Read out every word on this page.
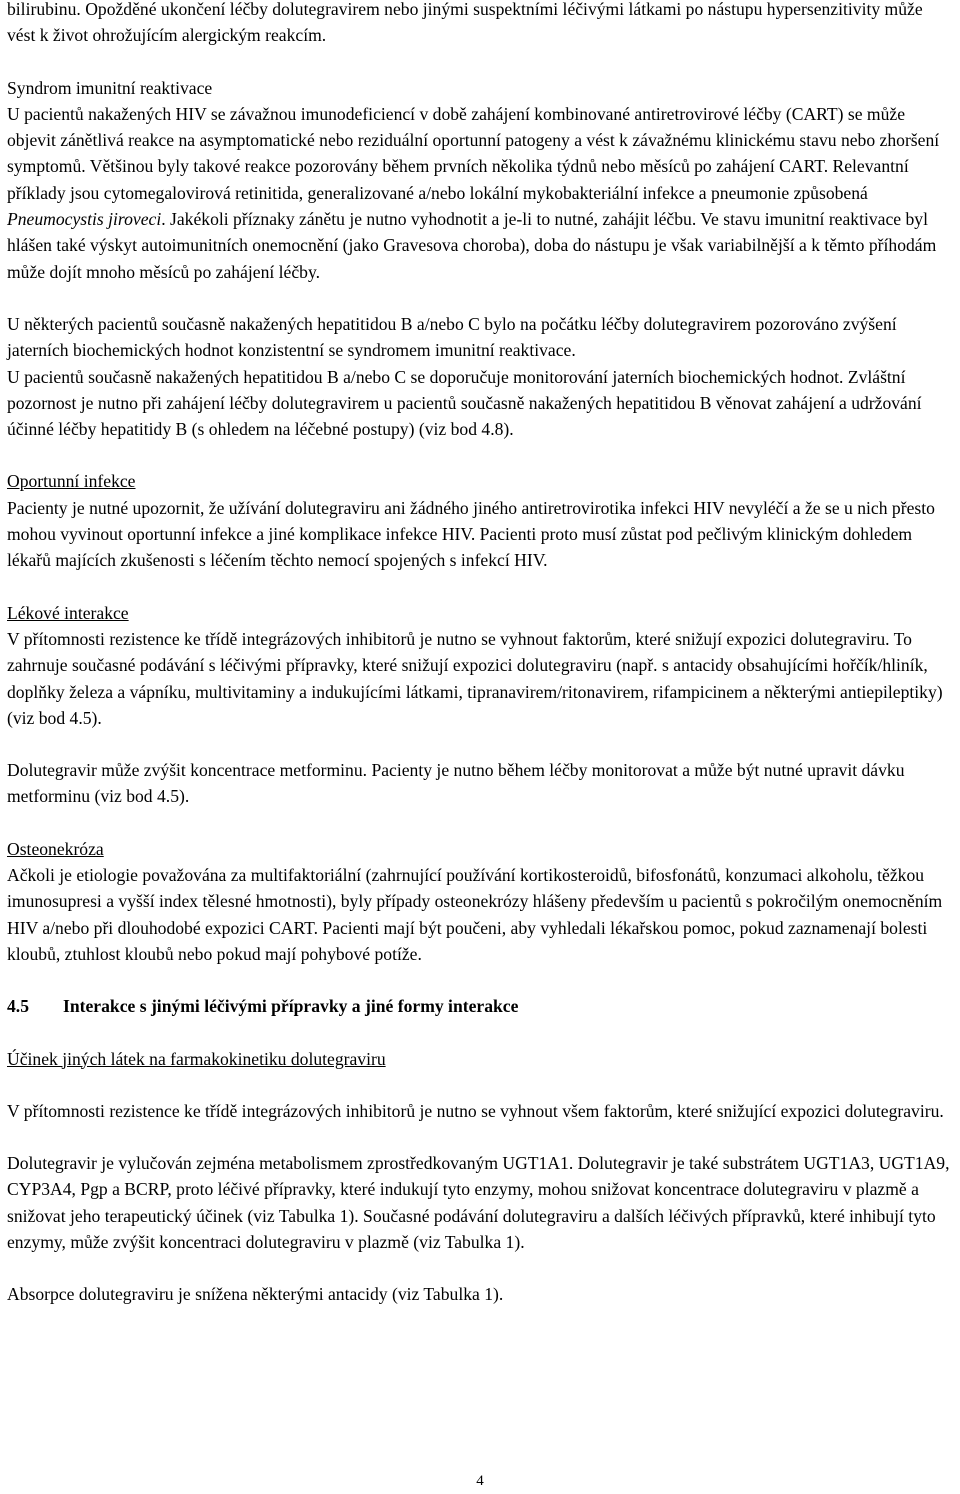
bilirubinu. Opožděné ukončení léčby dolutegravirem nebo jinými suspektními léčivými látkami po nástupu hypersenzitivity může vést k život ohrožujícím alergickým reakcím.

Syndrom imunitní reaktivace

U pacientů nakažených HIV se závažnou imunodeficiencí v době zahájení kombinované antiretrovirové léčby (CART) se může objevit zánětlivá reakce na asymptomatické nebo reziduální oportunní patogeny a vést k závažnému klinickému stavu nebo zhoršení symptomů. Většinou byly takové reakce pozorovány během prvních několika týdnů nebo měsíců po zahájení CART. Relevantní příklady jsou cytomegalovirová retinitida, generalizované a/nebo lokální mykobakteriální infekce a pneumonie způsobená Pneumocystis jiroveci. Jakékoli příznaky zánětu je nutno vyhodnotit a je-li to nutné, zahájit léčbu. Ve stavu imunitní reaktivace byl hlášen také výskyt autoimunitních onemocnění (jako Gravesova choroba), doba do nástupu je však variabilnější a k těmto příhodám může dojít mnoho měsíců po zahájení léčby.

U některých pacientů současně nakažených hepatitidou B a/nebo C bylo na počátku léčby dolutegravirem pozorováno zvýšení jaterních biochemických hodnot konzistentní se syndromem imunitní reaktivace.

U pacientů současně nakažených hepatitidou B a/nebo C se doporučuje monitorování jaterních biochemických hodnot. Zvláštní pozornost je nutno při zahájení léčby dolutegravirem u pacientů současně nakažených hepatitidou B věnovat zahájení a udržování účinné léčby hepatitidy B (s ohledem na léčebné postupy) (viz bod 4.8).

Oportunní infekce

Pacienty je nutné upozornit, že užívání dolutegraviru ani žádného jiného antiretrovirotika infekci HIV nevyléčí a že se u nich přesto mohou vyvinout oportunní infekce a jiné komplikace infekce HIV. Pacienti proto musí zůstat pod pečlivým klinickým dohledem lékařů majících zkušenosti s léčením těchto nemocí spojených s infekcí HIV.

Lékové interakce

V přítomnosti rezistence ke třídě integrázových inhibitorů je nutno se vyhnout faktorům, které snižují expozici dolutegraviru. To zahrnuje současné podávání s léčivými přípravky, které snižují expozici dolutegraviru (např. s antacidy obsahujícími hořčík/hliník, doplňky železa a vápníku, multivitaminy a indukujícími látkami, tipranavirem/ritonavirem, rifampicinem a některými antiepileptiky) (viz bod 4.5).

Dolutegravir může zvýšit koncentrace metforminu. Pacienty je nutno během léčby monitorovat a může být nutné upravit dávku metforminu (viz bod 4.5).

Osteonekróza

Ačkoli je etiologie považována za multifaktoriální (zahrnující používání kortikosteroidů, bifosfonátů, konzumaci alkoholu, těžkou imunosupresi a vyšší index tělesné hmotnosti), byly případy osteonekrózy hlášeny především u pacientů s pokročilým onemocněním HIV a/nebo při dlouhodobé expozici CART. Pacienti mají být poučeni, aby vyhledali lékařskou pomoc, pokud zaznamenají bolesti kloubů, ztuhlost kloubů nebo pokud mají pohybové potíže.

4.5 Interakce s jinými léčivými přípravky a jiné formy interakce

Účinek jiných látek na farmakokinetiku dolutegraviru

V přítomnosti rezistence ke třídě integrázových inhibitorů je nutno se vyhnout všem faktorům, které snižující expozici dolutegraviru.

Dolutegravir je vylučován zejména metabolismem zprostředkovaným UGT1A1. Dolutegravir je také substrátem UGT1A3, UGT1A9, CYP3A4, Pgp a BCRP, proto léčivé přípravky, které indukují tyto enzymy, mohou snižovat koncentrace dolutegraviru v plazmě a snižovat jeho terapeutický účinek (viz Tabulka 1). Současné podávání dolutegraviru a dalších léčivých přípravků, které inhibují tyto enzymy, může zvýšit koncentraci dolutegraviru v plazmě (viz Tabulka 1).

Absorpce dolutegraviru je snížena některými antacidy (viz Tabulka 1).

4
